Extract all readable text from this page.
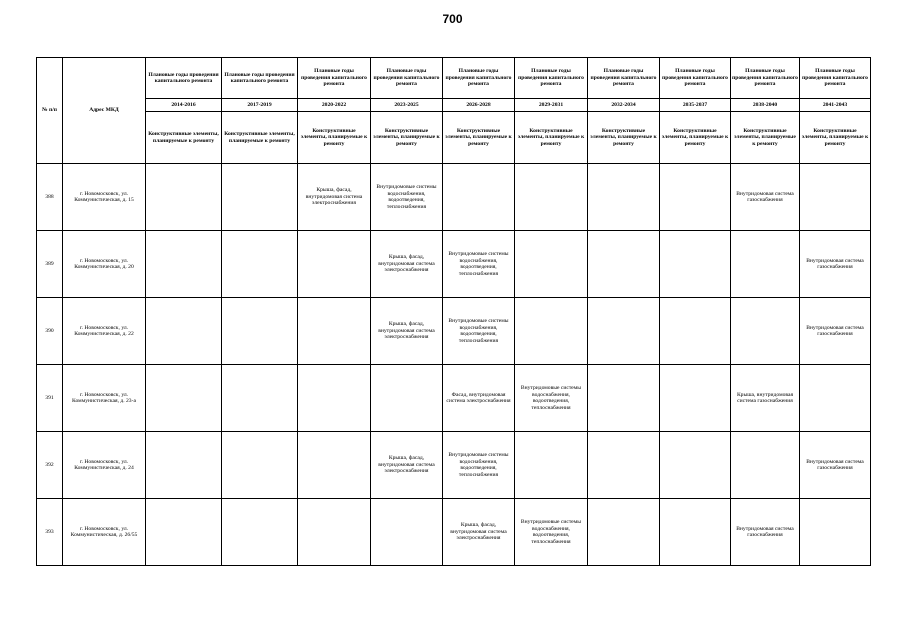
700
№ п/п	Адрес МКД	Плановые годы проведения капитального ремонта	Плановые годы проведения капитального ремонта	Плановые годы проведения капитального ремонта	Плановые годы проведения капитального ремонта	Плановые годы проведения капитального ремонта	Плановые годы проведения капитального ремонта	Плановые годы проведения капитального ремонта	Плановые годы проведения капитального ремонта	Плановые годы проведения капитального ремонта	Плановые годы проведения капитального ремонта
		2014-2016	2017-2019	2020-2022	2023-2025	2026-2028	2029-2031	2032-2034	2035-2037	2038-2040	2041-2043
		Конструктивные элементы, планируемые к ремонту	Конструктивные элементы, планируемые к ремонту	Конструктивные элементы, планируемые к ремонту	Конструктивные элементы, планируемые к ремонту	Конструктивные элементы, планируемые к ремонту	Конструктивные элементы, планируемые к ремонту	Конструктивные элементы, планируемые к ремонту	Конструктивные элементы, планируемые к ремонту	Конструктивные элементы, планируемые к ремонту	Конструктивные элементы, планируемые к ремонту
388	г. Новомосковск, ул. Коммунистическая, д. 15			Крыша, фасад, внутридомовая система электроснабжения	Внутридомовые системы водоснабжения, водоотведения, теплоснабжения					Внутридомовая система газоснабжения	
389	г. Новомосковск, ул. Коммунистическая, д. 20				Крыша, фасад, внутридомовая система электроснабжения	Внутридомовые системы водоснабжения, водоотведения, теплоснабжения					Внутридомовая система газоснабжения
390	г. Новомосковск, ул. Коммунистическая, д. 22				Крыша, фасад, внутридомовая система электроснабжения	Внутридомовые системы водоснабжения, водоотведения, теплоснабжения					Внутридомовая система газоснабжения
391	г. Новомосковск, ул. Коммунистическая, д. 23-а					Фасад, внутридомовая система электроснабжения	Внутридомовые системы водоснабжения, водоотведения, теплоснабжения			Крыша, внутридомовая система газоснабжения	
392	г. Новомосковск, ул. Коммунистическая, д. 24				Крыша, фасад, внутридомовая система электроснабжения	Внутридомовые системы водоснабжения, водоотведения, теплоснабжения					Внутридомовая система газоснабжения
393	г. Новомосковск, ул. Коммунистическая, д. 26/55					Крыша, фасад, внутридомовая система электроснабжения	Внутридомовые системы водоснабжения, водоотведения, теплоснабжения			Внутридомовая система газоснабжения	
